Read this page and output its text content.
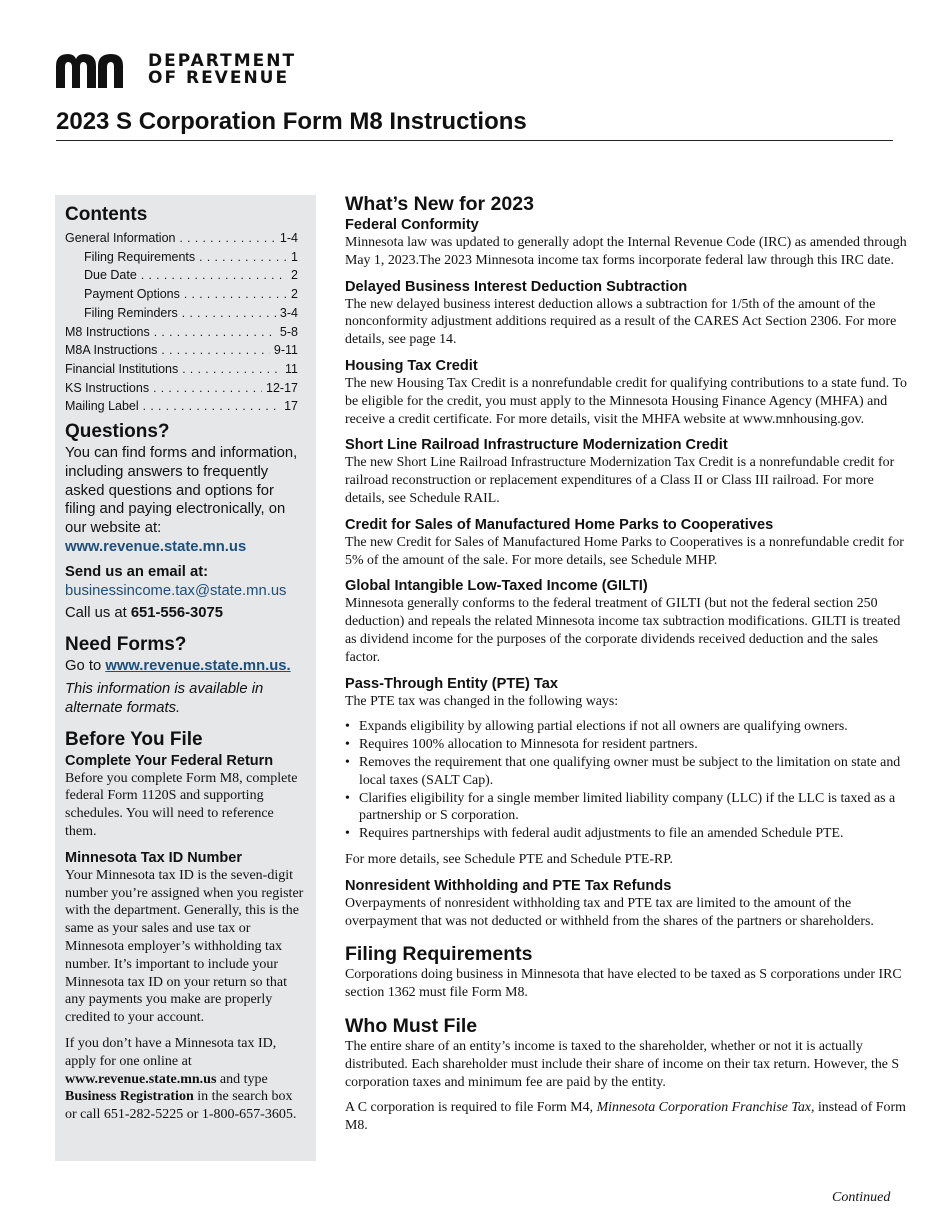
DEPARTMENT
OF REVENUE
2023 S Corporation Form M8 Instructions
Contents
General Information . . .	1-4
Filing Requirements . . .	1
Due Date . . .	2
Payment Options . . .	2
Filing Reminders . . .	3-4
M8 Instructions . . .	5-8
M8A Instructions . . .	9-11
Financial Institutions . . .	11
KS Instructions . . .	12-17
Mailing Label . . .	17
Questions?

You can find forms and information, including answers to frequently asked questions and options for filing and paying electronically, on our website at:

www.revenue.state.mn.us

Send us an email at:

businessincome.tax@state.mn.us

Call us at 651-556-3075

Need Forms?

Go to www.revenue.state.mn.us.

This information is available in alternate formats.

Before You File
Complete Your Federal Return

Before you complete Form M8, complete federal Form 1120S and supporting schedules. You will need to reference them.

Minnesota Tax ID Number

Your Minnesota tax ID is the seven-digit number you’re assigned when you register with the department. Generally, this is the same as your sales and use tax or Minnesota employer’s withholding tax number. It’s important to include your Minnesota tax ID on your return so that any payments you make are properly credited to your account.

If you don’t have a Minnesota tax ID, apply for one online at www.revenue.state.mn.us and type Business Registration in the search box or call 651-282-5225 or 1-800-657-3605.

What’s New for 2023
Federal Conformity

Minnesota law was updated to generally adopt the Internal Revenue Code (IRC) as amended through May 1, 2023.The 2023 Minnesota income tax forms incorporate federal law through this IRC date.

Delayed Business Interest Deduction Subtraction

The new delayed business interest deduction allows a subtraction for 1/5th of the amount of the nonconformity adjustment additions required as a result of the CARES Act Section 2306. For more details, see page 14.

Housing Tax Credit

The new Housing Tax Credit is a nonrefundable credit for qualifying contributions to a state fund. To be eligible for the credit, you must apply to the Minnesota Housing Finance Agency (MHFA) and receive a credit certificate. For more details, visit the MHFA website at www.mnhousing.gov.

Short Line Railroad Infrastructure Modernization Credit

The new Short Line Railroad Infrastructure Modernization Tax Credit is a nonrefundable credit for railroad reconstruction or replacement expenditures of a Class II or Class III railroad. For more details, see Schedule RAIL.

Credit for Sales of Manufactured Home Parks to Cooperatives

The new Credit for Sales of Manufactured Home Parks to Cooperatives is a nonrefundable credit for 5% of the amount of the sale. For more details, see Schedule MHP.

Global Intangible Low-Taxed Income (GILTI)

Minnesota generally conforms to the federal treatment of GILTI (but not the federal section 250 deduction) and repeals the related Minnesota income tax subtraction modifications. GILTI is treated as dividend income for the purposes of the corporate dividends received deduction and the sales factor.

Pass-Through Entity (PTE) Tax

The PTE tax was changed in the following ways:

• Expands eligibility by allowing partial elections if not all owners are qualifying owners.
• Requires 100% allocation to Minnesota for resident partners.
• Removes the requirement that one qualifying owner must be subject to the limitation on state and local taxes (SALT Cap).
• Clarifies eligibility for a single member limited liability company (LLC) if the LLC is taxed as a partnership or S corporation.
• Requires partnerships with federal audit adjustments to file an amended Schedule PTE.

For more details, see Schedule PTE and Schedule PTE-RP.

Nonresident Withholding and PTE Tax Refunds

Overpayments of nonresident withholding tax and PTE tax are limited to the amount of the overpayment that was not deducted or withheld from the shares of the partners or shareholders.

Filing Requirements

Corporations doing business in Minnesota that have elected to be taxed as S corporations under IRC section 1362 must file Form M8.

Who Must File

The entire share of an entity’s income is taxed to the shareholder, whether or not it is actually distributed. Each shareholder must include their share of income on their tax return. However, the S corporation taxes and minimum fee are paid by the entity.

A C corporation is required to file Form M4, Minnesota Corporation Franchise Tax, instead of Form M8.

Continued
